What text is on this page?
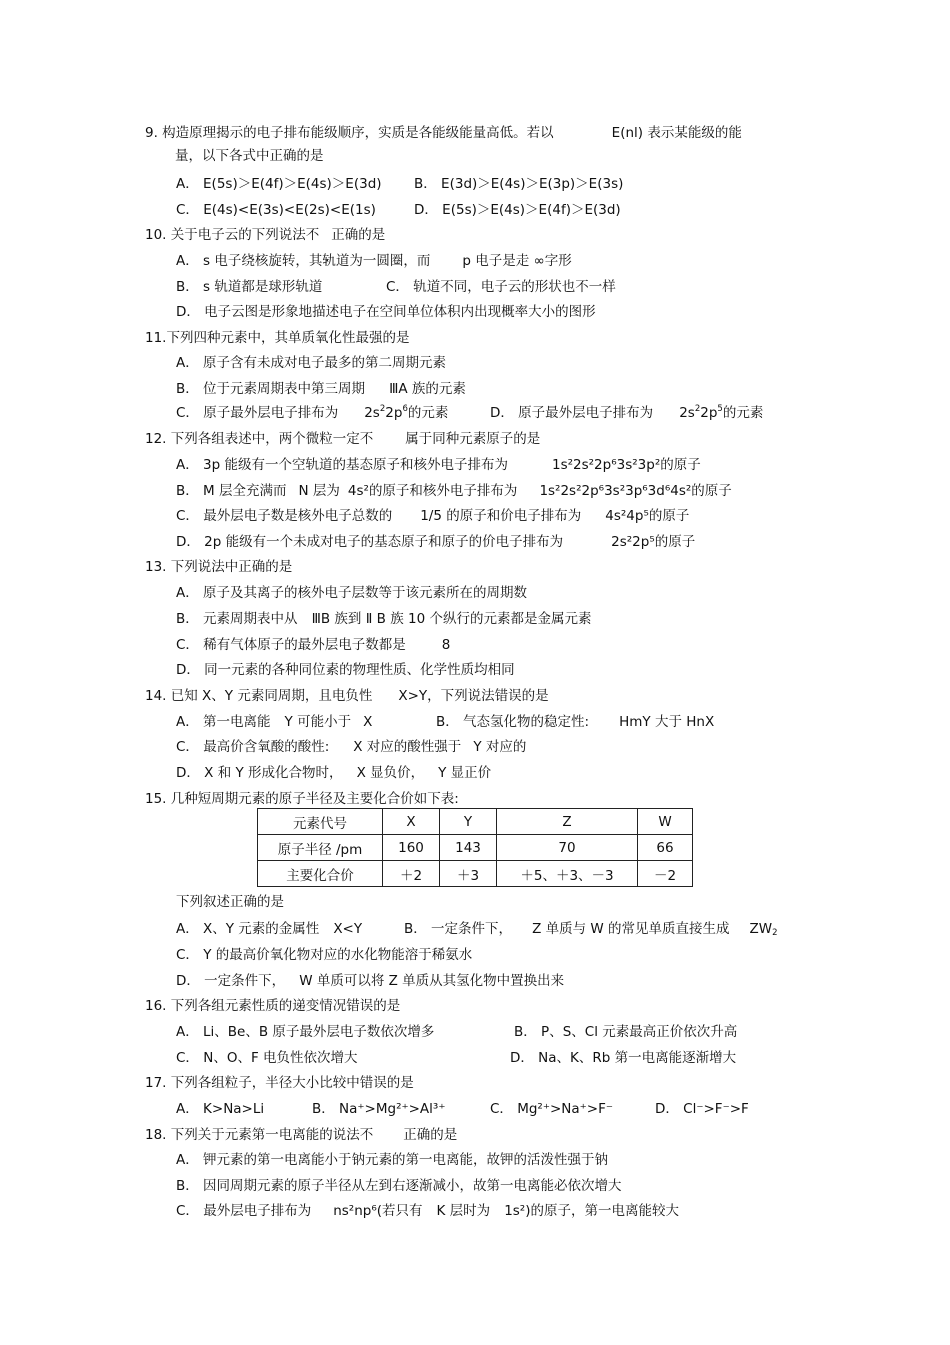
9. 构造原理揭示的电子排布能级顺序，实质是各能级能量高低。若以	E(nl) 表示某能级的能
量，以下各式中正确的是
A． E(5s)＞E(4f)＞E(4s)＞E(3d) B． E(3d)＞E(4s)＞E(3p)＞E(3s)
C． E(4s)<E(3s)<E(2s)<E(1s)	D． E(5s)＞E(4s)＞E(4f)＞E(3d)
10. 关于电子云的下列说法不 正确的是
A． s 电子绕核旋转，其轨道为一圆圈，而 p 电子是走 ∞字形
B． s 轨道都是球形轨道	C． 轨道不同，电子云的形状也不一样
D． 电子云图是形象地描述电子在空间单位体积内出现概率大小的图形
11.下列四种元素中，其单质氧化性最强的是
A． 原子含有未成对电子最多的第二周期元素
B． 位于元素周期表中第三周期 ⅢA 族的元素
C． 原子最外层电子排布为 $2s^22p^6$的元素	D． 原子最外层电子排布为 $2s^22p^5$的元素
12. 下列各组表述中，两个微粒一定不 属于同种元素原子的是
A． 3p 能级有一个空轨道的基态原子和核外电子排布为	1s²2s²2p⁶3s²3p²的原子
B． M 层全充满而 N 层为 4s²的原子和核外电子排布为 1s²2s²2p⁶3s²3p⁶3d⁶4s²的原子
C． 最外层电子数是核外电子总数的 1/5 的原子和价电子排布为 4s²4p⁵的原子
D． 2p 能级有一个未成对电子的基态原子和原子的价电子排布为	2s²2p⁵的原子
13. 下列说法中正确的是
A． 原子及其离子的核外电子层数等于该元素所在的周期数
B． 元素周期表中从 ⅢB 族到 Ⅱ B 族 10 个纵行的元素都是金属元素
C． 稀有气体原子的最外层电子数都是	8
D． 同一元素的各种同位素的物理性质、化学性质均相同
14. 已知 X、Y 元素同周期，且电负性 X>Y，下列说法错误的是
A． 第一电离能 Y 可能小于 X	B． 气态氢化物的稳定性: HmY 大于 HnX
C． 最高价含氧酸的酸性: X 对应的酸性强于 Y 对应的
D． X 和 Y 形成化合物时， X 显负价， Y 显正价
15. 几种短周期元素的原子半径及主要化合价如下表:
元素代号	X	Y	Z	W
原子半径 /pm	160	143	70	66
主要化合价	＋2	＋3	＋5、＋3、－3	－2
下列叙述正确的是
A． X、Y 元素的金属性 X<Y	B． 一定条件下， Z 单质与 W 的常见单质直接生成 $ZW_2$
C． Y 的最高价氧化物对应的水化物能溶于稀氨水
D． 一定条件下， W 单质可以将 Z 单质从其氢化物中置换出来
16. 下列各组元素性质的递变情况错误的是
A． Li、Be、B 原子最外层电子数依次增多	B． P、S、Cl 元素最高正价依次升高
C． N、O、F 电负性依次增大	D． Na、K、Rb 第一电离能逐渐增大
17. 下列各组粒子，半径大小比较中错误的是
A． K>Na>Li	B． Na⁺>Mg²⁺>Al³⁺	C． Mg²⁺>Na⁺>F⁻	D． Cl⁻>F⁻>F
18. 下列关于元素第一电离能的说法不 正确的是
A． 钾元素的第一电离能小于钠元素的第一电离能，故钾的活泼性强于钠
B． 因同周期元素的原子半径从左到右逐渐减小，故第一电离能必依次增大
C． 最外层电子排布为 ns²np⁶(若只有 K 层时为 1s²)的原子，第一电离能较大
